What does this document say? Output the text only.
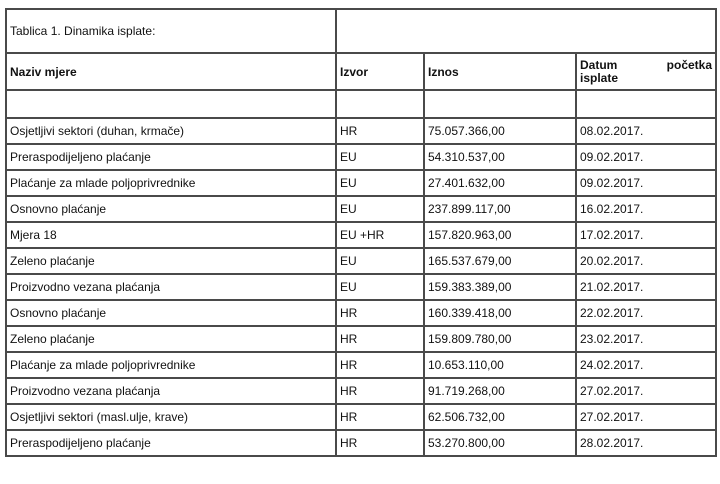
Tablica 1. Dinamika isplate:			
Naziv mjere	Izvor	Iznos	Datum početka
isplate

Osjetljivi sektori (duhan, krmače)	HR	75.057.366,00	08.02.2017.
Preraspodijeljeno plaćanje	EU	54.310.537,00	09.02.2017.
Plaćanje za mlade poljoprivrednike	EU	27.401.632,00	09.02.2017.
Osnovno plaćanje	EU	237.899.117,00	16.02.2017.
Mjera 18	EU +HR	157.820.963,00	17.02.2017.
Zeleno plaćanje	EU	165.537.679,00	20.02.2017.
Proizvodno vezana plaćanja	EU	159.383.389,00	21.02.2017.
Osnovno plaćanje	HR	160.339.418,00	22.02.2017.
Zeleno plaćanje	HR	159.809.780,00	23.02.2017.
Plaćanje za mlade poljoprivrednike	HR	10.653.110,00	24.02.2017.
Proizvodno vezana plaćanja	HR	91.719.268,00	27.02.2017.
Osjetljivi sektori (masl.ulje, krave)	HR	62.506.732,00	27.02.2017.
Preraspodijeljeno plaćanje	HR	53.270.800,00	28.02.2017.
